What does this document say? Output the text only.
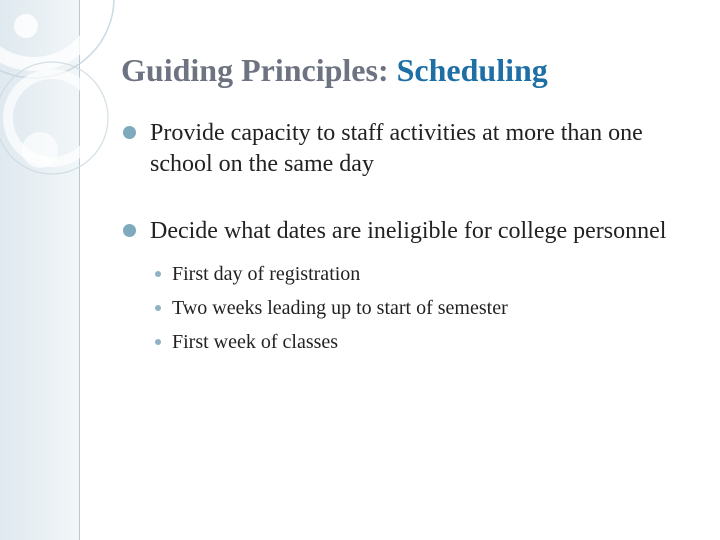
Guiding Principles: Scheduling
Provide capacity to staff activities at more than one school on the same day
Decide what dates are ineligible for college personnel
First day of registration
Two weeks leading up to start of semester
First week of classes
